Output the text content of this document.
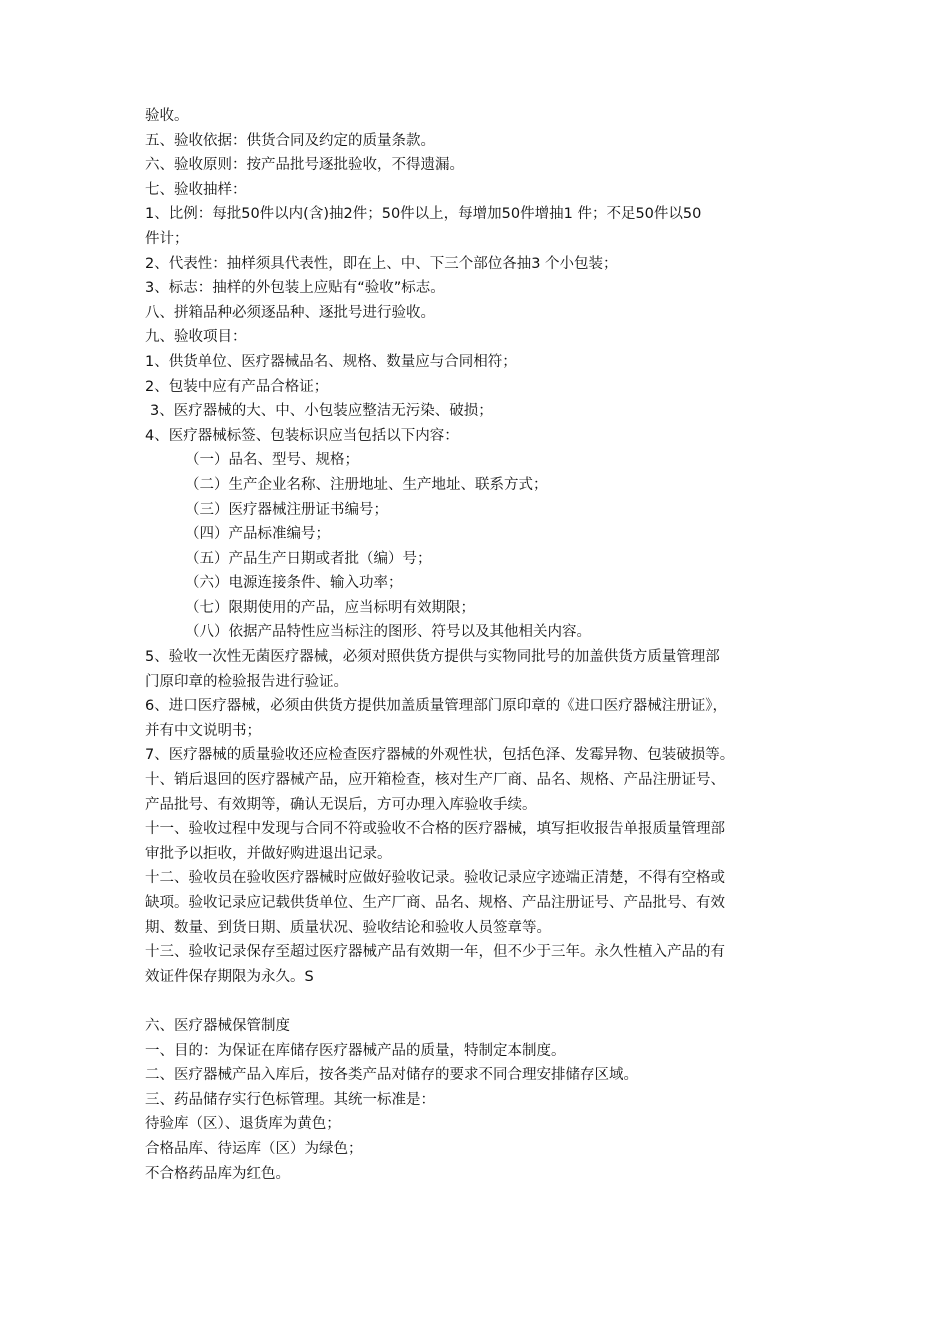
验收。
五、验收依据：供货合同及约定的质量条款。
六、验收原则：按产品批号逐批验收，不得遗漏。
七、验收抽样：
1、比例：每批50件以内(含)抽2件；50件以上，每增加50件增抽1 件；不足50件以50
件计；
2、代表性：抽样须具代表性，即在上、中、下三个部位各抽3 个小包装；
3、标志：抽样的外包装上应贴有“验收”标志。
八、拼箱品种必须逐品种、逐批号进行验收。
九、验收项目：
1、供货单位、医疗器械品名、规格、数量应与合同相符；
2、包装中应有产品合格证；
3、医疗器械的大、中、小包装应整洁无污染、破损；
4、医疗器械标签、包装标识应当包括以下内容：
（一）品名、型号、规格；
（二）生产企业名称、注册地址、生产地址、联系方式；
（三）医疗器械注册证书编号；
（四）产品标准编号；
（五）产品生产日期或者批（编）号；
（六）电源连接条件、输入功率；
（七）限期使用的产品，应当标明有效期限；
（八）依据产品特性应当标注的图形、符号以及其他相关内容。
5、验收一次性无菌医疗器械，必须对照供货方提供与实物同批号的加盖供货方质量管理部
门原印章的检验报告进行验证。
6、进口医疗器械，必须由供货方提供加盖质量管理部门原印章的《进口医疗器械注册证》，
并有中文说明书；
7、医疗器械的质量验收还应检查医疗器械的外观性状，包括色泽、发霉异物、包装破损等。
十、销后退回的医疗器械产品，应开箱检查，核对生产厂商、品名、规格、产品注册证号、
产品批号、有效期等，确认无误后，方可办理入库验收手续。
十一、验收过程中发现与合同不符或验收不合格的医疗器械，填写拒收报告单报质量管理部
审批予以拒收，并做好购进退出记录。
十二、验收员在验收医疗器械时应做好验收记录。验收记录应字迹端正清楚，不得有空格或
缺项。验收记录应记载供货单位、生产厂商、品名、规格、产品注册证号、产品批号、有效
期、数量、到货日期、质量状况、验收结论和验收人员签章等。
十三、验收记录保存至超过医疗器械产品有效期一年，但不少于三年。永久性植入产品的有
效证件保存期限为永久。S
六、医疗器械保管制度
一、目的：为保证在库储存医疗器械产品的质量，特制定本制度。
二、医疗器械产品入库后，按各类产品对储存的要求不同合理安排储存区域。
三、药品储存实行色标管理。其统一标准是：
待验库（区）、退货库为黄色；
合格品库、待运库（区）为绿色；
不合格药品库为红色。
